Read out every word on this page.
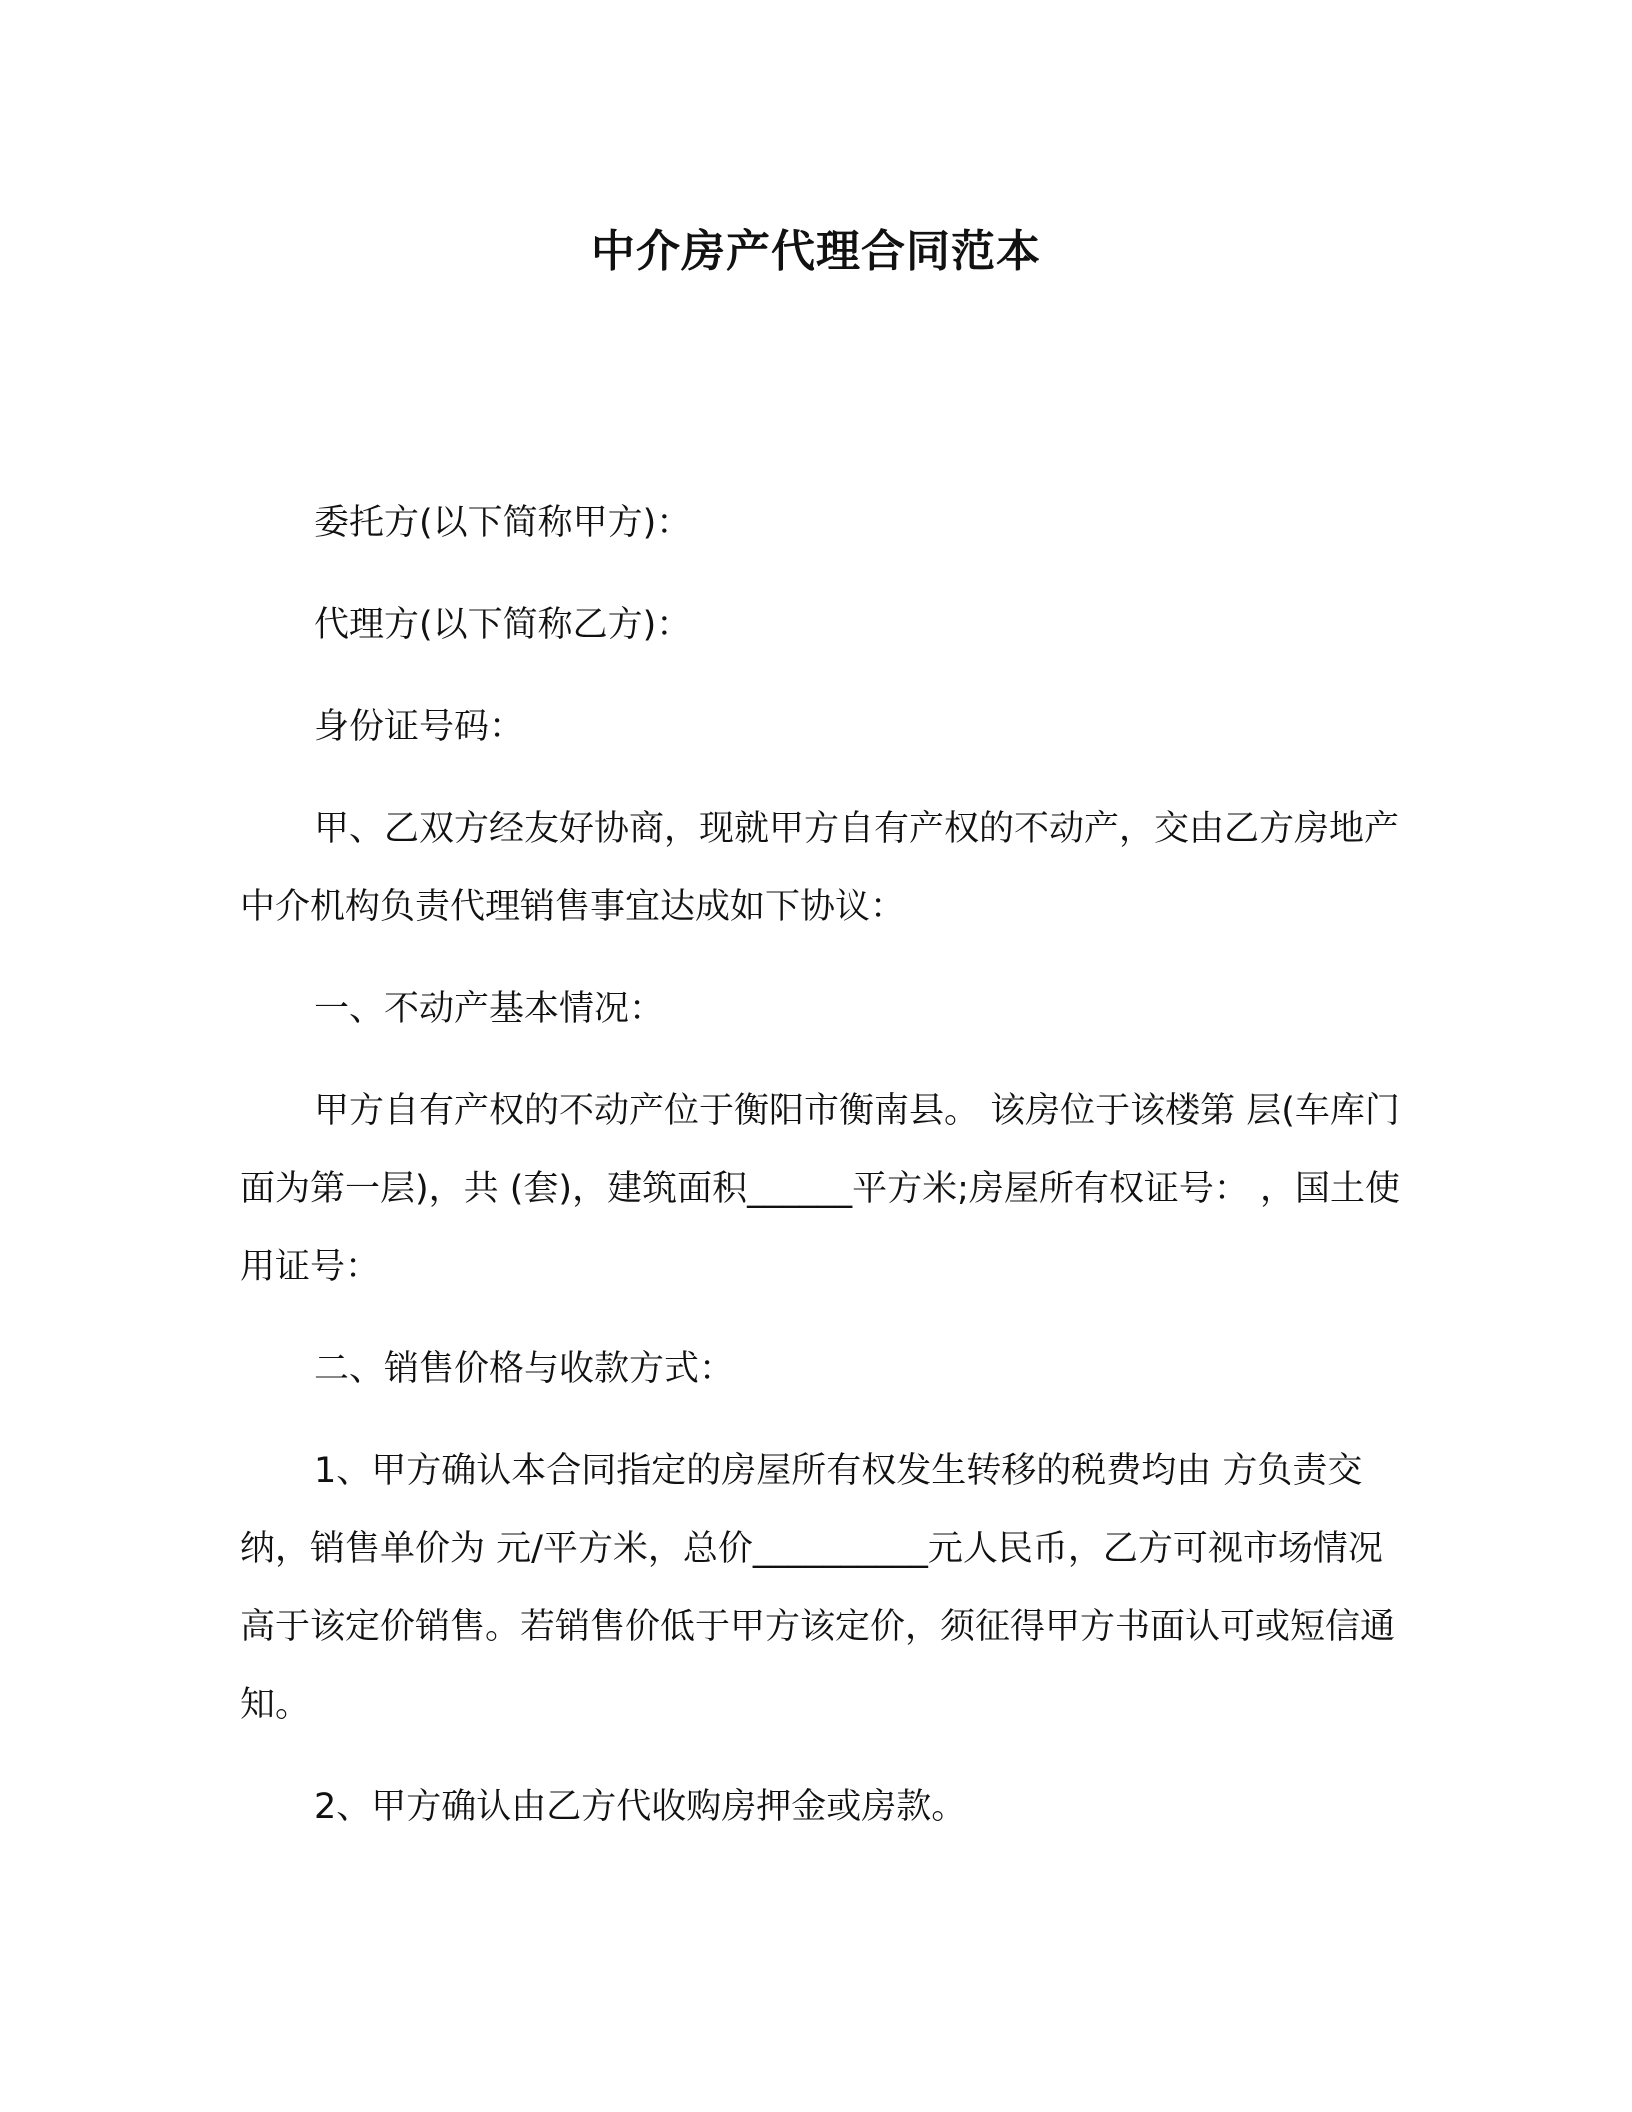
中介房产代理合同范本

委托方(以下简称甲方)：

代理方(以下简称乙方)：

身份证号码：

甲、乙双方经友好协商，现就甲方自有产权的不动产，交由乙方房地产中介机构负责代理销售事宜达成如下协议：

一、不动产基本情况：

甲方自有产权的不动产位于衡阳市衡南县。 该房位于该楼第 层(车库门面为第一层)，共 (套)，建筑面积______平方米;房屋所有权证号： ，国土使用证号：

二、销售价格与收款方式：

1、甲方确认本合同指定的房屋所有权发生转移的税费均由 方负责交纳，销售单价为 元/平方米，总价__________元人民币，乙方可视市场情况高于该定价销售。若销售价低于甲方该定价，须征得甲方书面认可或短信通知。

2、甲方确认由乙方代收购房押金或房款。
